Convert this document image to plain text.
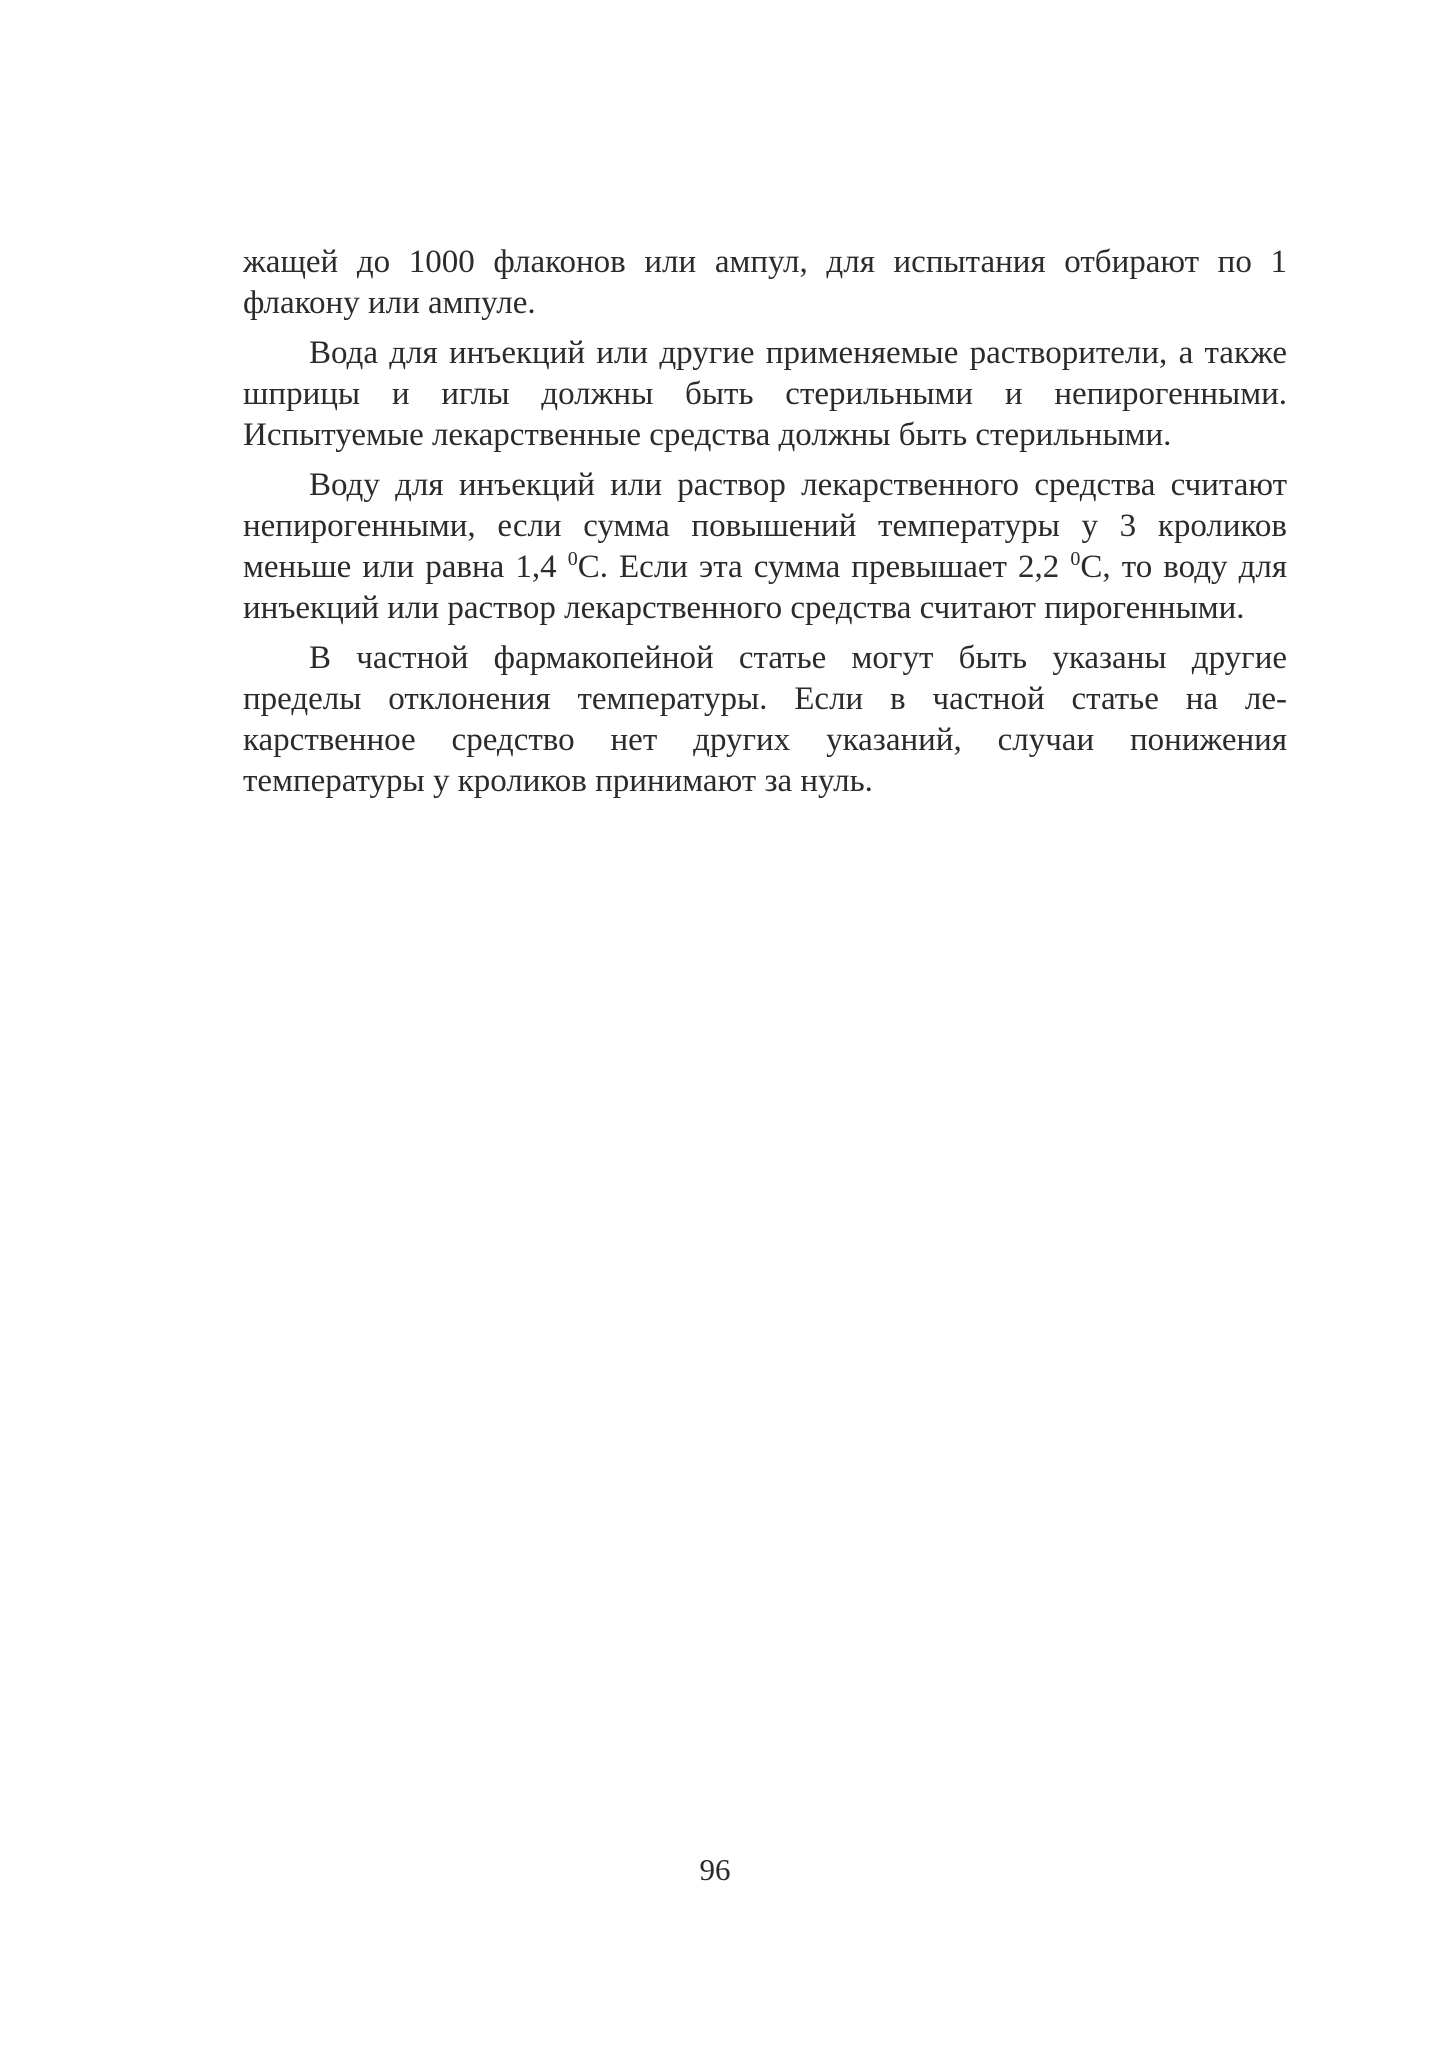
жащей до 1000 флаконов или ампул, для испытания отбирают по 1 флакону или ампуле.

Вода для инъекций или другие применяемые растворители, а также шприцы и иглы должны быть стерильными и непирогенными. Испытуемые лекарственные средства должны быть стерильными.

Воду для инъекций или раствор лекарственного средства считают непирогенными, если сумма повышений температуры у 3 кроликов меньше или равна 1,4 $^0$С. Если эта сумма превышает 2,2 $^0$С, то воду для инъекций или раствор лекарственного средства считают пирогенными.

В частной фармакопейной статье могут быть указаны другие пределы отклонения температуры. Если в частной статье на лекарственное средство нет других указаний, случаи понижения температуры у кроликов принимают за нуль.

96
